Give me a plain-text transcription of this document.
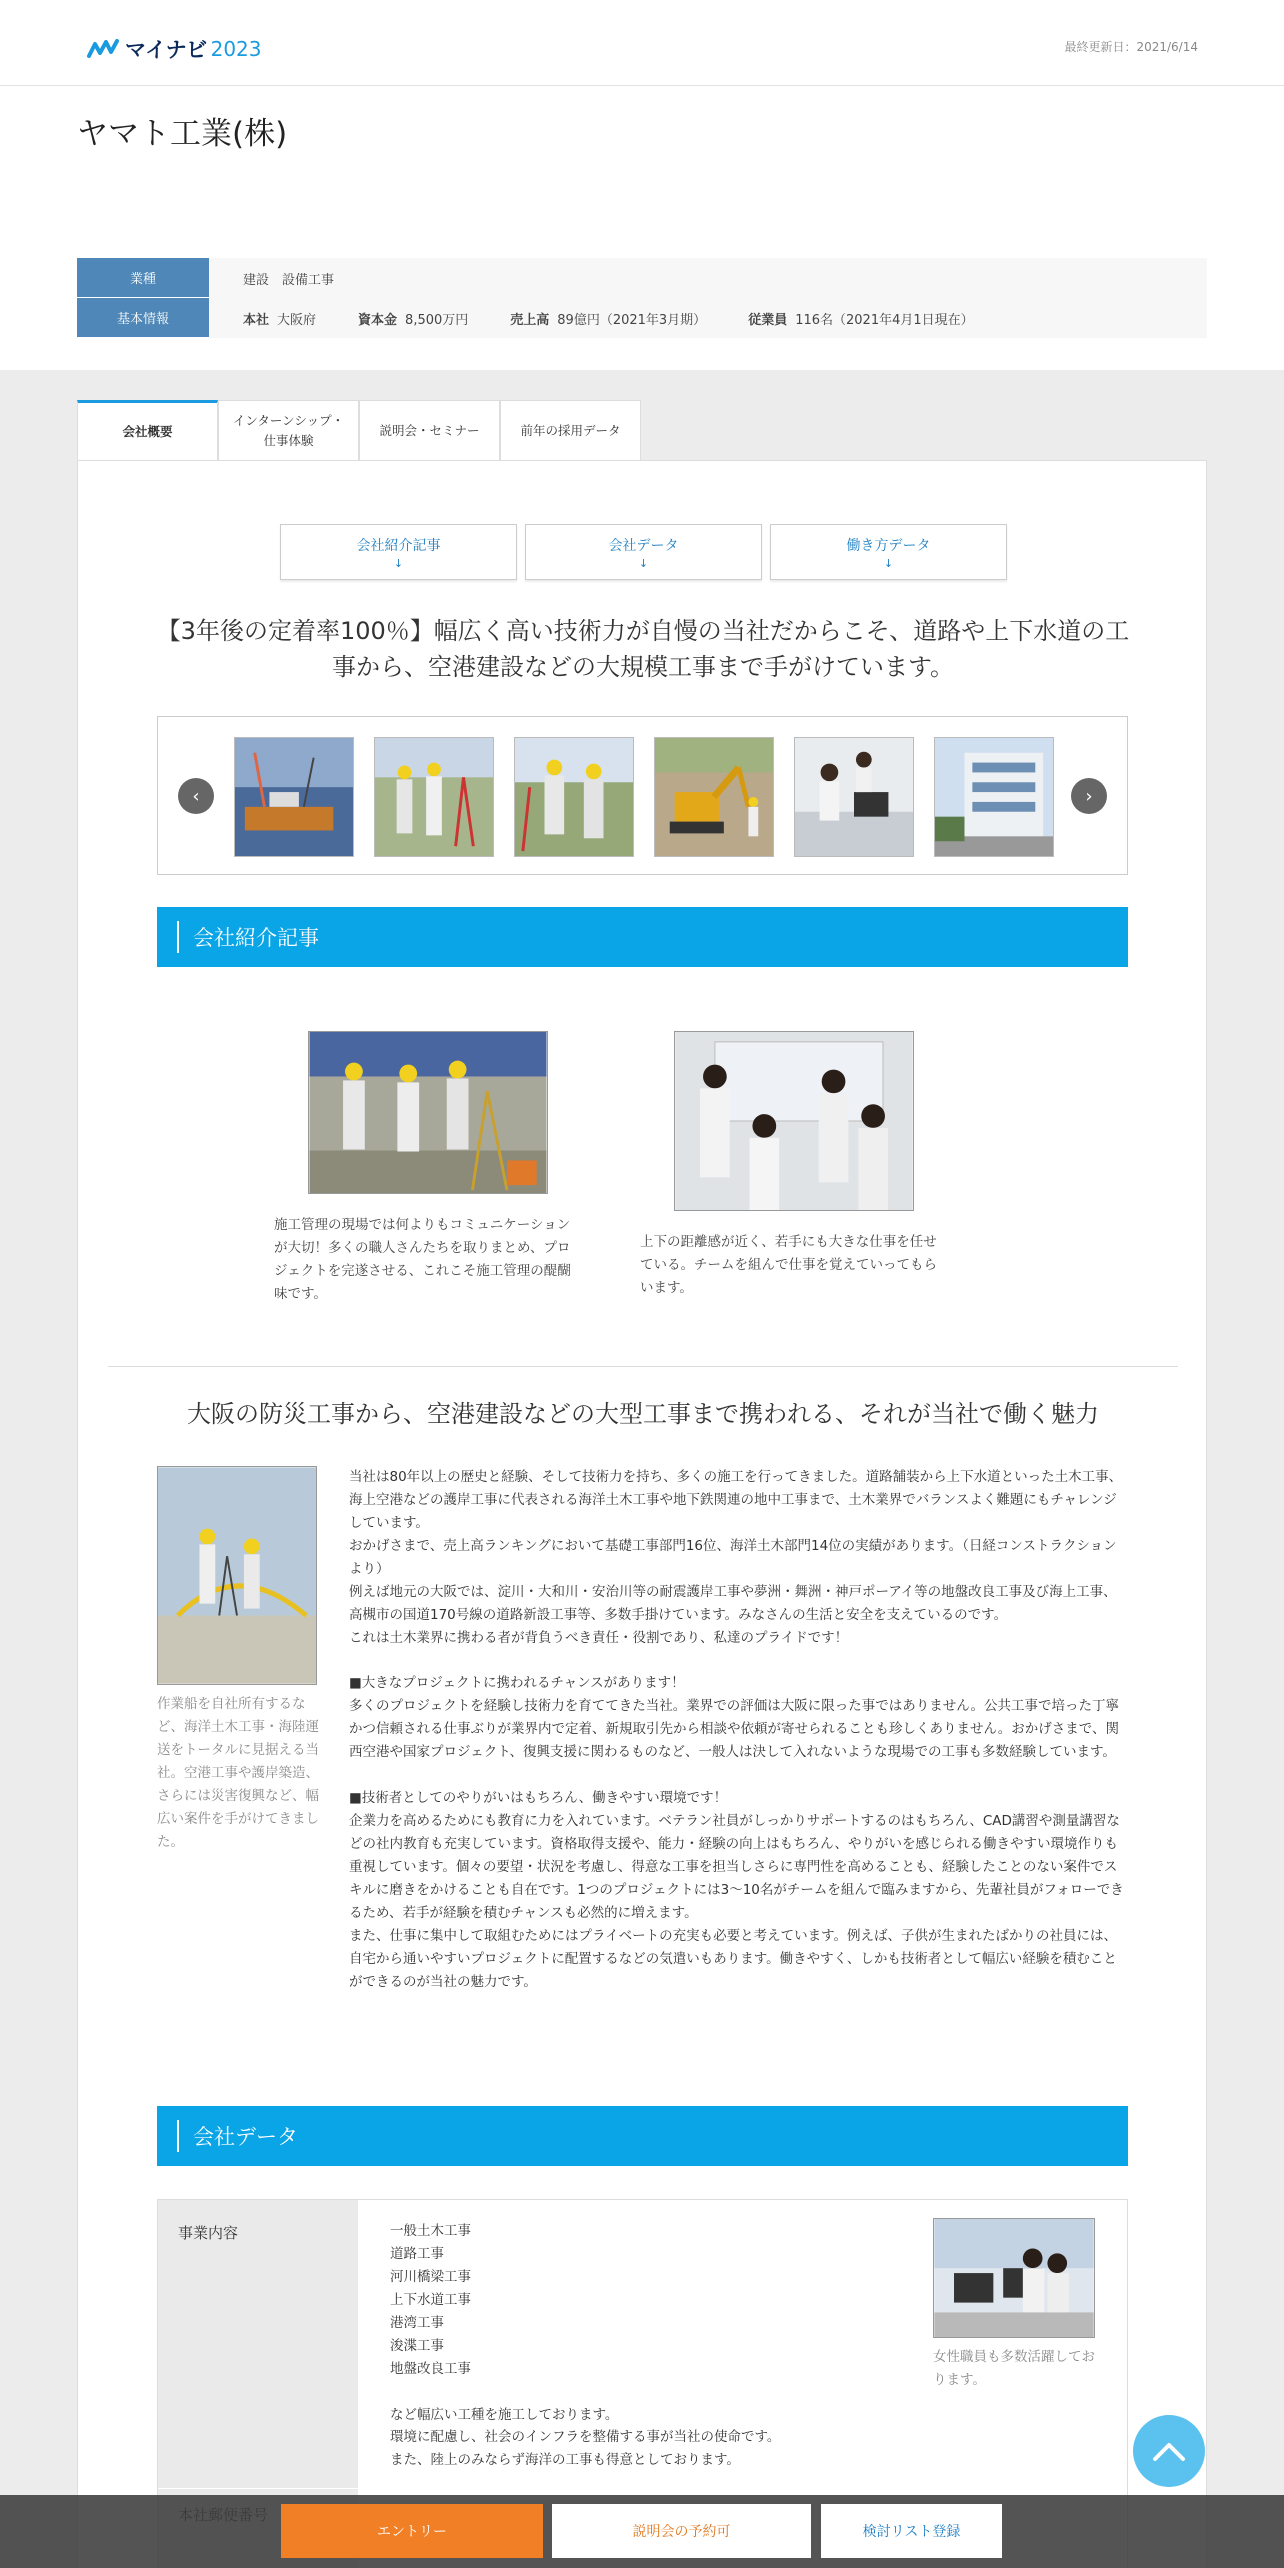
マイナビ 2023	最終更新日：2021/6/14
ヤマト工業(株)
業種	建設　設備工事
基本情報	本社 大阪府	資本金 8,500万円	売上高 89億円（2021年3月期）	従業員 116名（2021年4月1日現在）
会社概要
インターンシップ・
仕事体験
説明会・セミナー	前年の採用データ
会社紹介記事
↓
会社データ
↓
働き方データ
↓

【3年後の定着率100％】幅広く高い技術力が自慢の当社だからこそ、道路や上下水道の工事から、空港建設などの大規模工事まで手がけています。

‹	›
会社紹介記事

施工管理の現場では何よりもコミュニケーションが大切！多くの職人さんたちを取りまとめ、プロジェクトを完遂させる、これこそ施工管理の醍醐味です。

上下の距離感が近く、若手にも大きな仕事を任せている。チームを組んで仕事を覚えていってもらいます。

大阪の防災工事から、空港建設などの大型工事まで携われる、それが当社で働く魅力

作業船を自社所有するなど、海洋土木工事・海陸運送をトータルに見据える当社。空港工事や護岸築造、さらには災害復興など、幅広い案件を手がけてきました。

当社は80年以上の歴史と経験、そして技術力を持ち、多くの施工を行ってきました。道路舗装から上下水道といった土木工事、海上空港などの護岸工事に代表される海洋土木工事や地下鉄関連の地中工事まで、土木業界でバランスよく難題にもチャレンジしています。
おかげさまで、売上高ランキングにおいて基礎工事部門16位、海洋土木部門14位の実績があります。（日経コンストラクションより）
例えば地元の大阪では、淀川・大和川・安治川等の耐震護岸工事や夢洲・舞洲・神戸ポーアイ等の地盤改良工事及び海上工事、高槻市の国道170号線の道路新設工事等、多数手掛けています。みなさんの生活と安全を支えているのです。
これは土木業界に携わる者が背負うべき責任・役割であり、私達のプライドです！

■大きなプロジェクトに携われるチャンスがあります！
多くのプロジェクトを経験し技術力を育ててきた当社。業界での評価は大阪に限った事ではありません。公共工事で培った丁寧かつ信頼される仕事ぶりが業界内で定着、新規取引先から相談や依頼が寄せられることも珍しくありません。おかげさまで、関西空港や国家プロジェクト、復興支援に関わるものなど、一般人は決して入れないような現場での工事も多数経験しています。

■技術者としてのやりがいはもちろん、働きやすい環境です！
企業力を高めるためにも教育に力を入れています。ベテラン社員がしっかりサポートするのはもちろん、CAD講習や測量講習などの社内教育も充実しています。資格取得支援や、能力・経験の向上はもちろん、やりがいを感じられる働きやすい環境作りも重視しています。個々の要望・状況を考慮し、得意な工事を担当しさらに専門性を高めることも、経験したことのない案件でスキルに磨きをかけることも自在です。1つのプロジェクトには3～10名がチームを組んで臨みますから、先輩社員がフォローできるため、若手が経験を積むチャンスも必然的に増えます。
また、仕事に集中して取組むためにはプライベートの充実も必要と考えています。例えば、子供が生まれたばかりの社員には、自宅から通いやすいプロジェクトに配置するなどの気遣いもあります。働きやすく、しかも技術者として幅広い経験を積むことができるのが当社の魅力です。
会社データ
事業内容	一般土木工事
道路工事
河川橋梁工事
上下水道工事
港湾工事
浚渫工事
地盤改良工事

など幅広い工種を施工しております。
環境に配慮し、社会のインフラを整備する事が当社の使命です。
また、陸上のみならず海洋の工事も得意としております。

女性職員も多数活躍しております。

エントリー	説明会の予約可	検討リスト登録
